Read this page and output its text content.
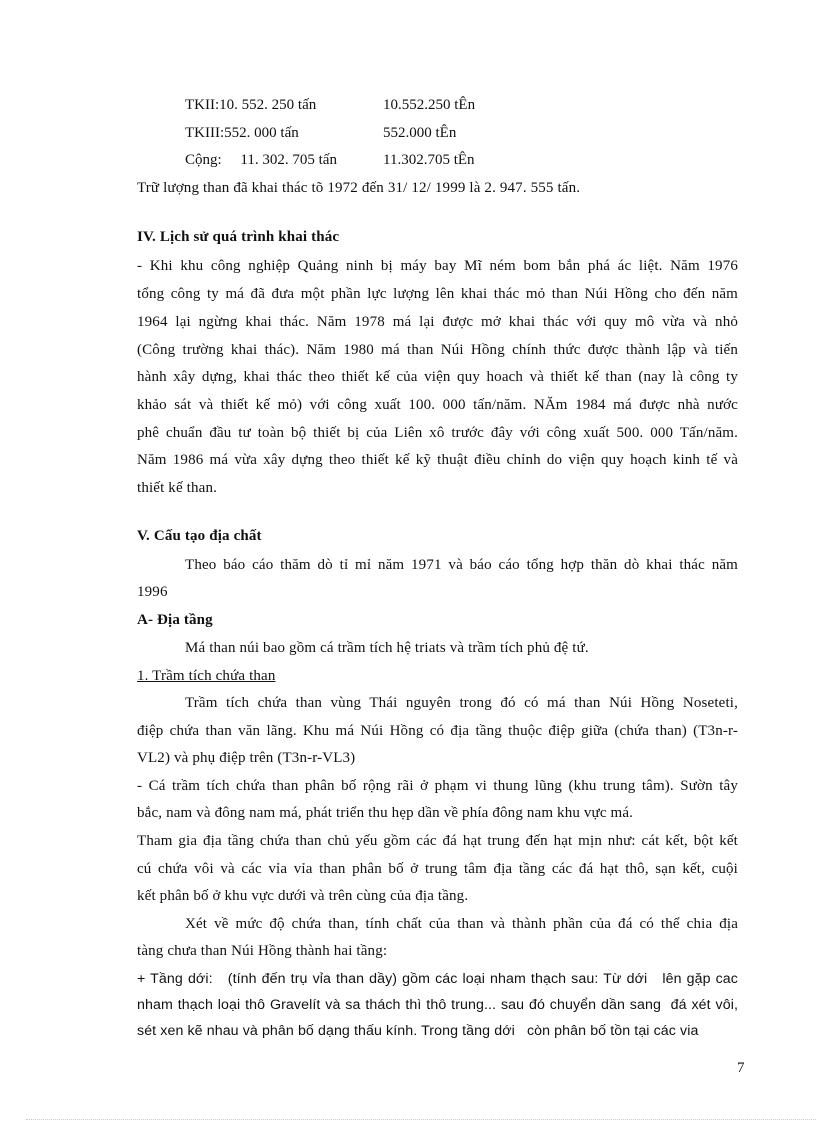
TKII:10. 552. 250 tấn	10.552.250 tÊn
TKIII:552. 000 tấn	552.000 tÊn
Cộng:     11. 302. 705 tấn	11.302.705 tÊn
Trữ lượng than đã khai thác tõ 1972 đến 31/ 12/ 1999 là 2. 947. 555 tấn.
IV. Lịch sử quá trình khai thác
- Khi khu công nghiệp Quảng ninh bị máy bay Mĩ ném bom bắn phá ác liệt. Năm 1976
tổng công ty má đã đưa một phần lực lượng lên khai thác mỏ than Núi Hồng cho đến năm
1964 lại ngừng khai thác. Năm 1978 má lại được mở khai thác với quy mô vừa và nhỏ
(Công trường khai thác). Năm 1980 má than Núi Hồng chính thức được thành lập và tiến
hành xây dựng, khai thác theo thiết kế của viện quy hoach và thiết kế than (nay là công ty
khảo sát và thiết kế mỏ) với công xuất 100. 000 tấn/năm. NĂm 1984 má được nhà nước
phê chuẩn đầu tư toàn bộ thiết bị của Liên xô trước đây với công xuất 500. 000 Tấn/năm.
Năm 1986 má vừa xây dựng theo thiết kế kỹ thuật điều chỉnh do viện quy hoạch kinh tế và
thiết kế than.
V. Cấu tạo địa chất
Theo báo cáo thăm dò tỉ mỉ năm 1971 và báo cáo tổng hợp thăn dò khai thác năm
1996
A- Địa tầng
Má than núi bao gồm cá trầm tích hệ triats và trầm tích phủ đệ tứ.
1. Trầm tích chứa than
Trầm tích chứa than vùng Thái nguyên trong đó có má than Núi Hồng Noseteti,
điệp chứa than văn lãng. Khu má Núi Hồng có địa tầng thuộc điệp giữa (chứa than) (T3n-r-
VL2) và phụ điệp trên (T3n-r-VL3)
- Cá trầm tích chứa than phân bố rộng rãi ở phạm vi thung lũng (khu trung tâm). Sườn tây
bắc, nam và đông nam má, phát triển thu hẹp dần về phía đông nam khu vực má.
Tham gia địa tầng chứa than chủ yếu gồm các đá hạt trung đến hạt mịn như: cát kết, bột kết
cú chứa vôi và các vỉa vỉa than phân bố ở trung tâm địa tầng các đá hạt thô, sạn kết, cuội
kết phân bố ở khu vực dưới và trên cùng của địa tầng.
Xét về mức độ chứa than, tính chất của than và thành phần của đá có thể chia địa
tàng chưa than Núi Hồng thành hai tầng:
+ Tầng dới:   (tính đến trụ vỉa than dầy) gồm các loại nham thạch sau: Từ dới   lên gặp cac
nham thạch loại thô Gravelít và sa thách thì thô trung... sau đó chuyển dần sang  đá xét vôi,
sét xen kẽ nhau và phân bố dạng thấu kính. Trong tầng dới   còn phân bố tồn tại các via
7
